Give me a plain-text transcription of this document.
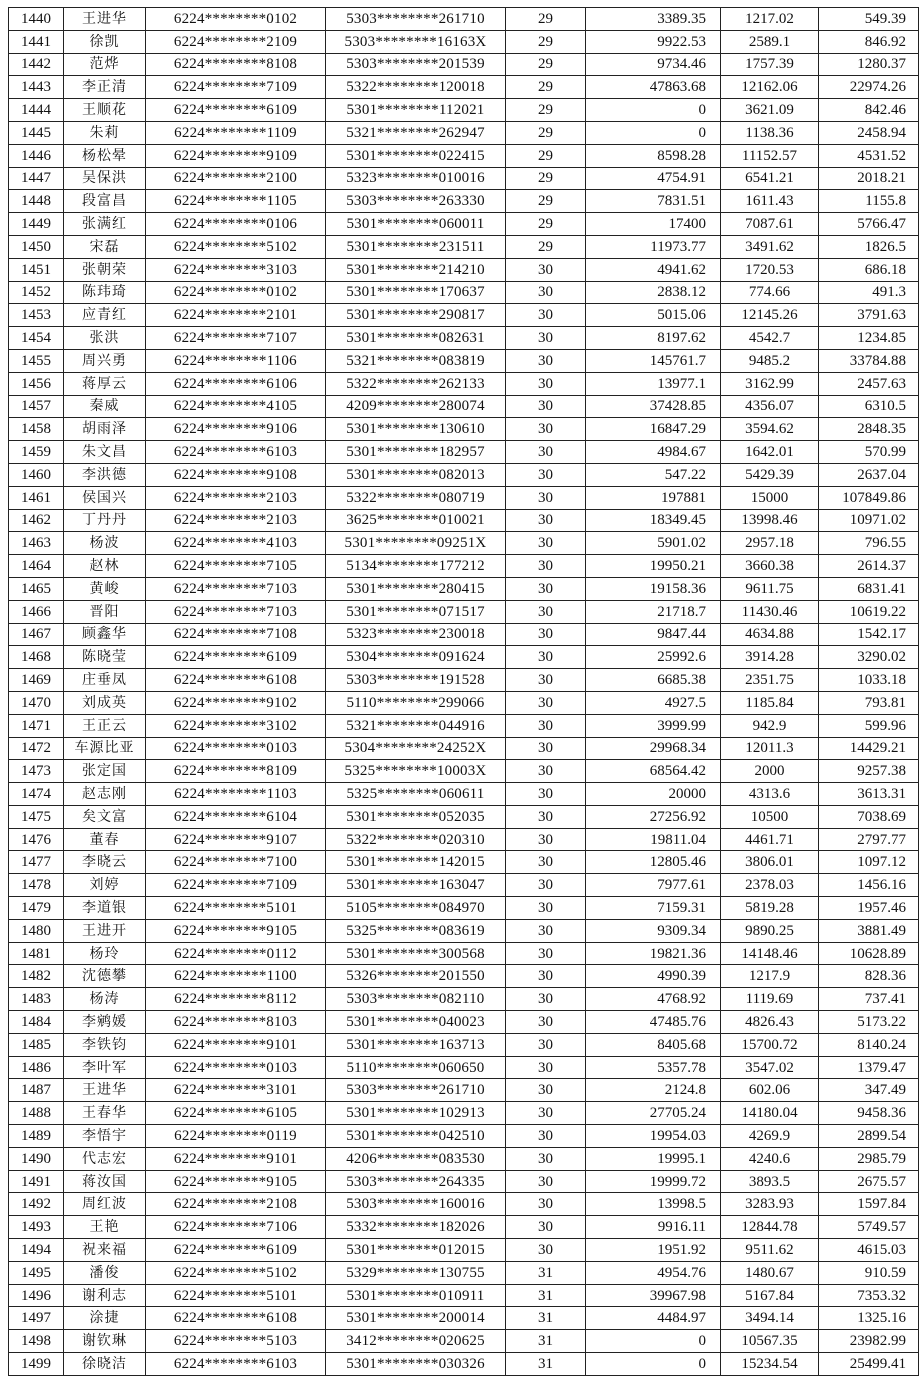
1440	王进华	6224********0102	5303********261710	29	3389.35	1217.02	549.39
1441	徐凯	6224********2109	5303********16163X	29	9922.53	2589.1	846.92
1442	范烨	6224********8108	5303********201539	29	9734.46	1757.39	1280.37
1443	李正清	6224********7109	5322********120018	29	47863.68	12162.06	22974.26
1444	王顺花	6224********6109	5301********112021	29	0	3621.09	842.46
1445	朱莉	6224********1109	5321********262947	29	0	1138.36	2458.94
1446	杨松晕	6224********9109	5301********022415	29	8598.28	11152.57	4531.52
1447	吴保洪	6224********2100	5323********010016	29	4754.91	6541.21	2018.21
1448	段富昌	6224********1105	5303********263330	29	7831.51	1611.43	1155.8
1449	张满红	6224********0106	5301********060011	29	17400	7087.61	5766.47
1450	宋磊	6224********5102	5301********231511	29	11973.77	3491.62	1826.5
1451	张朝荣	6224********3103	5301********214210	30	4941.62	1720.53	686.18
1452	陈玮琦	6224********0102	5301********170637	30	2838.12	774.66	491.3
1453	应青红	6224********2101	5301********290817	30	5015.06	12145.26	3791.63
1454	张洪	6224********7107	5301********082631	30	8197.62	4542.7	1234.85
1455	周兴勇	6224********1106	5321********083819	30	145761.7	9485.2	33784.88
1456	蒋厚云	6224********6106	5322********262133	30	13977.1	3162.99	2457.63
1457	秦威	6224********4105	4209********280074	30	37428.85	4356.07	6310.5
1458	胡雨泽	6224********9106	5301********130610	30	16847.29	3594.62	2848.35
1459	朱文昌	6224********6103	5301********182957	30	4984.67	1642.01	570.99
1460	李洪德	6224********9108	5301********082013	30	547.22	5429.39	2637.04
1461	侯国兴	6224********2103	5322********080719	30	197881	15000	107849.86
1462	丁丹丹	6224********2103	3625********010021	30	18349.45	13998.46	10971.02
1463	杨波	6224********4103	5301********09251X	30	5901.02	2957.18	796.55
1464	赵林	6224********7105	5134********177212	30	19950.21	3660.38	2614.37
1465	黄峻	6224********7103	5301********280415	30	19158.36	9611.75	6831.41
1466	晋阳	6224********7103	5301********071517	30	21718.7	11430.46	10619.22
1467	顾鑫华	6224********7108	5323********230018	30	9847.44	4634.88	1542.17
1468	陈晓莹	6224********6109	5304********091624	30	25992.6	3914.28	3290.02
1469	庄垂凤	6224********6108	5303********191528	30	6685.38	2351.75	1033.18
1470	刘成英	6224********9102	5110********299066	30	4927.5	1185.84	793.81
1471	王正云	6224********3102	5321********044916	30	3999.99	942.9	599.96
1472	车源比亚	6224********0103	5304********24252X	30	29968.34	12011.3	14429.21
1473	张定国	6224********8109	5325********10003X	30	68564.42	2000	9257.38
1474	赵志刚	6224********1103	5325********060611	30	20000	4313.6	3613.31
1475	矣文富	6224********6104	5301********052035	30	27256.92	10500	7038.69
1476	董春	6224********9107	5322********020310	30	19811.04	4461.71	2797.77
1477	李晓云	6224********7100	5301********142015	30	12805.46	3806.01	1097.12
1478	刘婷	6224********7109	5301********163047	30	7977.61	2378.03	1456.16
1479	李道银	6224********5101	5105********084970	30	7159.31	5819.28	1957.46
1480	王进开	6224********9105	5325********083619	30	9309.34	9890.25	3881.49
1481	杨玲	6224********0112	5301********300568	30	19821.36	14148.46	10628.89
1482	沈德攀	6224********1100	5326********201550	30	4990.39	1217.9	828.36
1483	杨涛	6224********8112	5303********082110	30	4768.92	1119.69	737.41
1484	李鹓媛	6224********8103	5301********040023	30	47485.76	4826.43	5173.22
1485	李铁钧	6224********9101	5301********163713	30	8405.68	15700.72	8140.24
1486	李叶军	6224********0103	5110********060650	30	5357.78	3547.02	1379.47
1487	王进华	6224********3101	5303********261710	30	2124.8	602.06	347.49
1488	王春华	6224********6105	5301********102913	30	27705.24	14180.04	9458.36
1489	李悟宇	6224********0119	5301********042510	30	19954.03	4269.9	2899.54
1490	代志宏	6224********9101	4206********083530	30	19995.1	4240.6	2985.79
1491	蒋汝国	6224********9105	5303********264335	30	19999.72	3893.5	2675.57
1492	周红波	6224********2108	5303********160016	30	13998.5	3283.93	1597.84
1493	王艳	6224********7106	5332********182026	30	9916.11	12844.78	5749.57
1494	祝来福	6224********6109	5301********012015	30	1951.92	9511.62	4615.03
1495	潘俊	6224********5102	5329********130755	31	4954.76	1480.67	910.59
1496	谢利志	6224********5101	5301********010911	31	39967.98	5167.84	7353.32
1497	涂捷	6224********6108	5301********200014	31	4484.97	3494.14	1325.16
1498	谢钦琳	6224********5103	3412********020625	31	0	10567.35	23982.99
1499	徐晓洁	6224********6103	5301********030326	31	0	15234.54	25499.41
